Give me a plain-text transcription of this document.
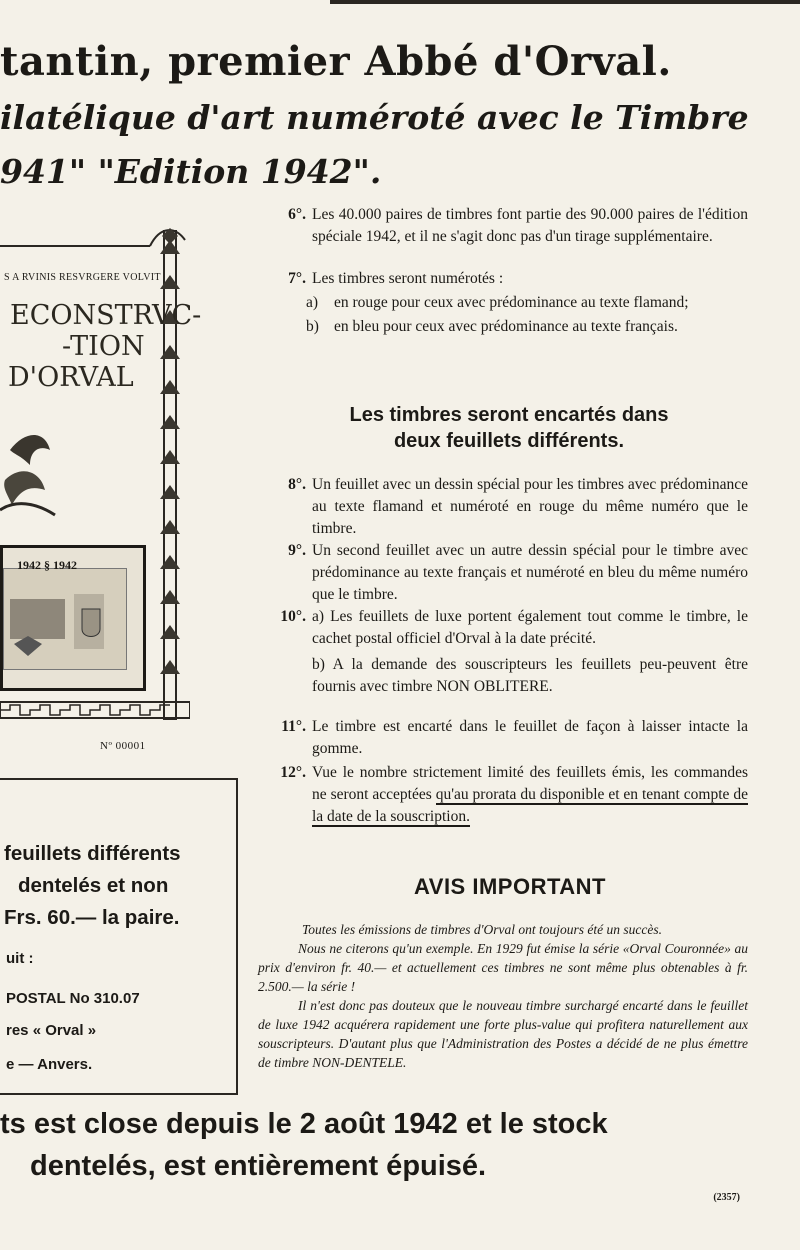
tantin, premier Abbé d'Orval.
ilatélique d'art numéroté avec le Timbre
941" "Edition 1942".
S A RVINIS RESVRGERE VOLVIT
ECONSTRVC-
-TION
D'ORVAL
1942 § 1942
Nº 00001
6°. Les 40.000 paires de timbres font partie des 90.000 paires de l'édition spéciale 1942, et il ne s'agit donc pas d'un tirage supplémentaire.
7°. Les timbres seront numérotés :
a)	en rouge pour ceux avec prédominance au texte flamand;
b) en bleu pour ceux avec prédominance au texte français.
Les timbres seront encartés dans
deux feuillets différents.
8°. Un feuillet avec un dessin spécial pour les timbres avec prédominance au texte flamand et numéroté en rouge du même numéro que le timbre.
9°. Un second feuillet avec un autre dessin spécial pour le timbre avec prédominance au texte français et numéroté en bleu du même numéro que le timbre.
10°. a) Les feuillets de luxe portent également tout comme le timbre, le cachet postal officiel d'Orval à la date précité.
b) A la demande des souscripteurs les feuillets peu-peuvent être fournis avec timbre NON OBLITERE.
11°. Le timbre est encarté dans le feuillet de façon à laisser intacte la gomme.
12°. Vue le nombre strictement limité des feuillets émis, les commandes ne seront acceptées qu'au prorata du disponible et en tenant compte de la date de la souscription.
AVIS IMPORTANT

Toutes les émissions de timbres d'Orval ont toujours été un succès.

Nous ne citerons qu'un exemple. En 1929 fut émise la série «Orval Couronnée» au prix d'environ fr. 40.— et actuellement ces timbres ne sont même plus obtenables à fr. 2.500.— la série !

Il n'est donc pas douteux que le nouveau timbre surchargé encarté dans le feuillet de luxe 1942 acquérera rapidement une forte plus-value qui profitera naturellement aux souscripteurs. D'autant plus que l'Administration des Postes a décidé de ne plus émettre de timbre NON-DENTELE.

feuillets différents
dentelés et non
Frs. 60.— la paire.
uit :
POSTAL No 310.07
res « Orval »
e — Anvers.
ts est close depuis le 2 août 1942 et le stock
dentelés, est entièrement épuisé.
(2357)
